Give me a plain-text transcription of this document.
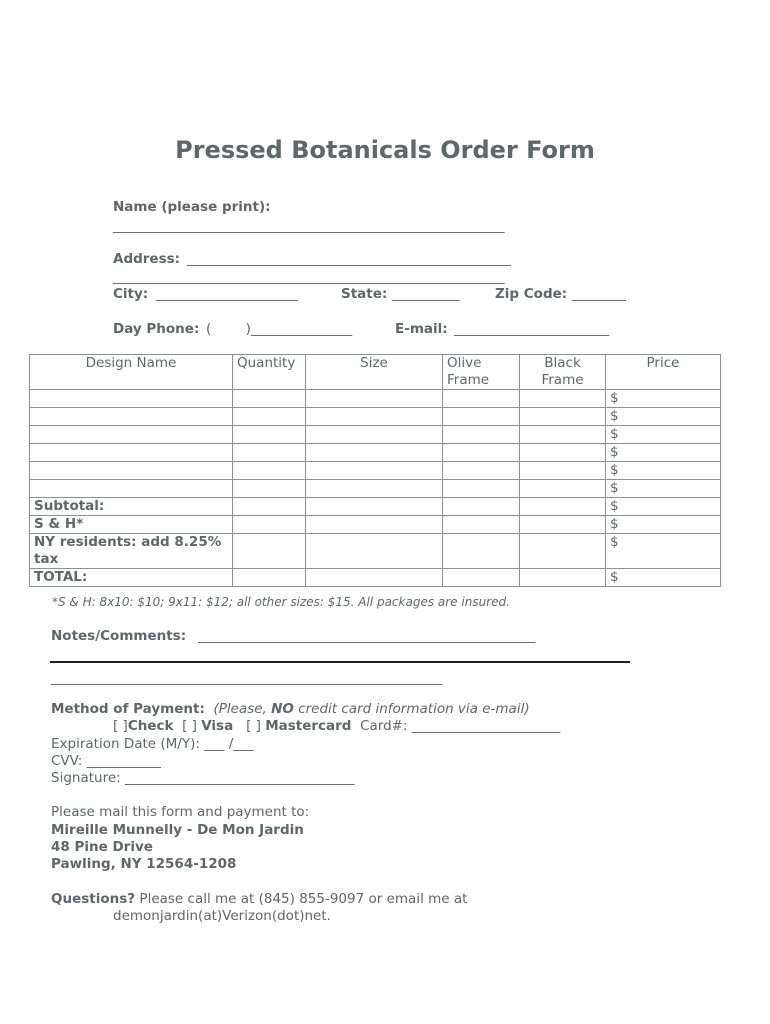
Pressed Botanicals Order Form
Name (please print):
__________________________________________________________
Address: ________________________________________________
__________________________________________________________
City: _____________________	State: __________	Zip Code: ________
Day Phone: (        )_______________	E-mail: _______________________
Design Name	Quantity	Size	Olive Frame	Black Frame	Price
					$
					$
					$
					$
					$
					$
Subtotal:					$
S & H*					$
NY residents: add 8.25% tax					$
TOTAL:					$
*S & H: 8x10: $10; 9x11: $12; all other sizes: $15. All packages are insured.
Notes/Comments: __________________________________________________
__________________________________________________________
Method of Payment: (Please, NO credit card information via e-mail)
[ ]Check [ ] Visa [ ] Mastercard Card#: ______________________
Expiration Date (M/Y): ___ /___
CVV: ___________
Signature: __________________________________
Please mail this form and payment to:
Mireille Munnelly - De Mon Jardin
48 Pine Drive
Pawling, NY 12564-1208
Questions? Please call me at (845) 855-9097 or email me at
demonjardin(at)Verizon(dot)net.
